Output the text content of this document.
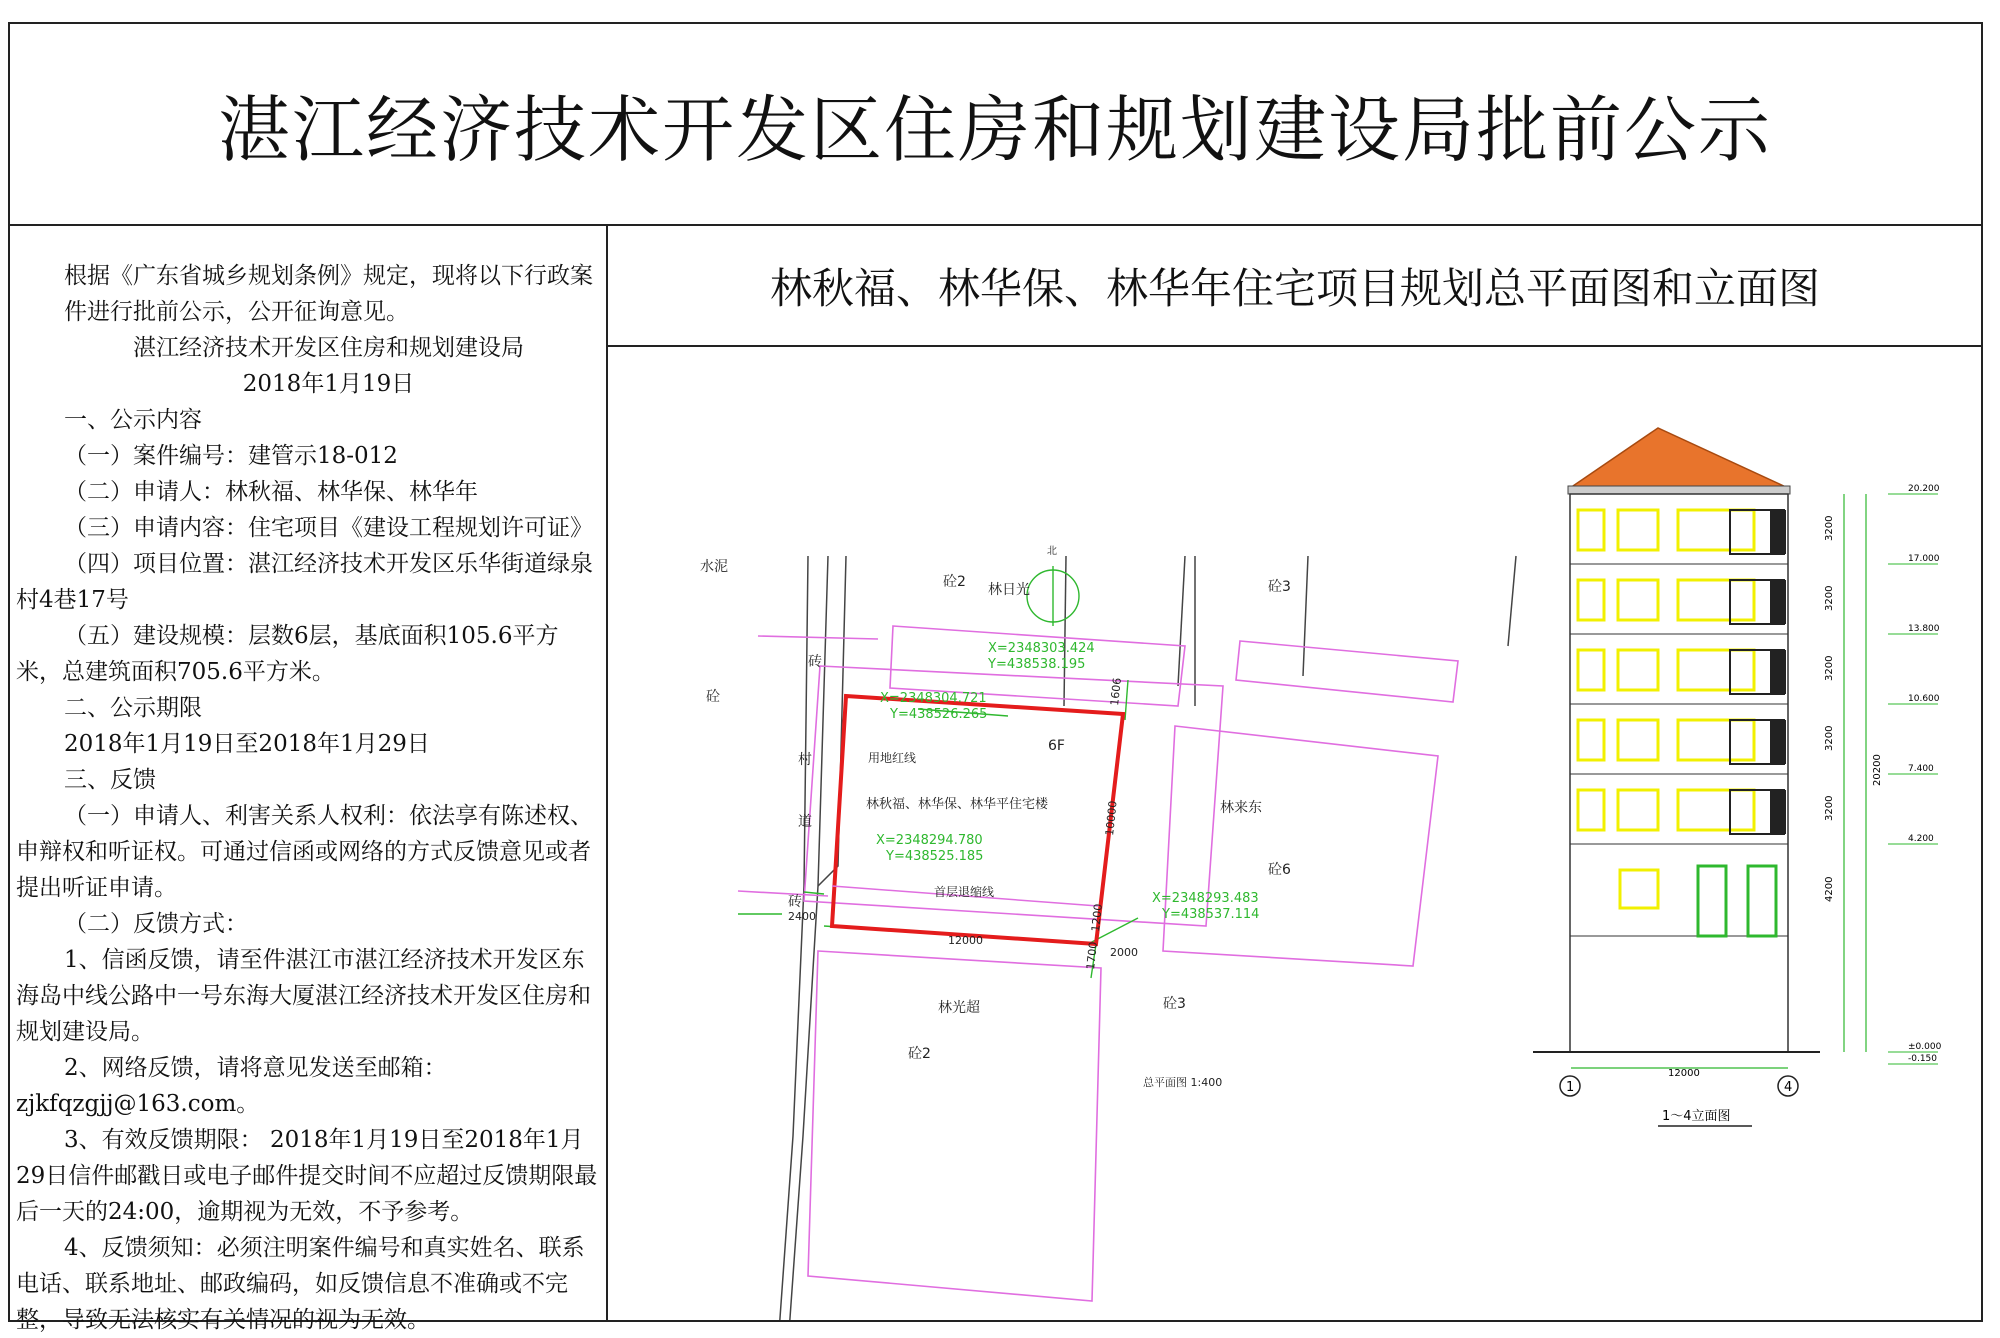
湛江经济技术开发区住房和规划建设局批前公示

根据《广东省城乡规划条例》规定，现将以下行政案件进行批前公示，公开征询意见。

湛江经济技术开发区住房和规划建设局

2018年1月19日

一、公示内容

（一）案件编号：建管示18-012

（二）申请人：林秋福、林华保、林华年

（三）申请内容：住宅项目《建设工程规划许可证》

（四）项目位置：湛江经济技术开发区乐华街道绿泉村4巷17号

（五）建设规模：层数6层，基底面积105.6平方米，总建筑面积705.6平方米。

二、公示期限

2018年1月19日至2018年1月29日

三、反馈

（一）申请人、利害关系人权利：依法享有陈述权、申辩权和听证权。可通过信函或网络的方式反馈意见或者提出听证申请。

（二）反馈方式：

1、信函反馈，请至件湛江市湛江经济技术开发区东海岛中线公路中一号东海大厦湛江经济技术开发区住房和规划建设局。

2、网络反馈，请将意见发送至邮箱：

zjkfqzgjj@163.com。

3、有效反馈期限： 2018年1月19日至2018年1月29日信件邮戳日或电子邮件提交时间不应超过反馈期限最后一天的24:00，逾期视为无效，不予参考。

4、反馈须知：必须注明案件编号和真实姓名、联系电话、联系地址、邮政编码，如反馈信息不准确或不完整，导致无法核实有关情况的视为无效。

林秋福、林华保、林华年住宅项目规划总平面图和立面图
水泥
砼
砼2 林日光	砼3
北
砖
砖
村
道
6F
用地红线
林秋福、林华保、林华平住宅楼
首层退缩线
林来东
砼6
林光超	砼3
砼2
总平面图 1:400
X=2348303.424
Y=438538.195
X=2348304.721
Y=438526.265
X=2348294.780
Y=438525.185
X=2348293.483
Y=438537.114
1606
10000
1200
1700 2000
12000
2400
1	4
12000
1～4立面图
20200
3200
3200
3200
3200
3200
4200
20.200
17.000
13.800
10.600
7.400
4.200
±0.000
-0.150
